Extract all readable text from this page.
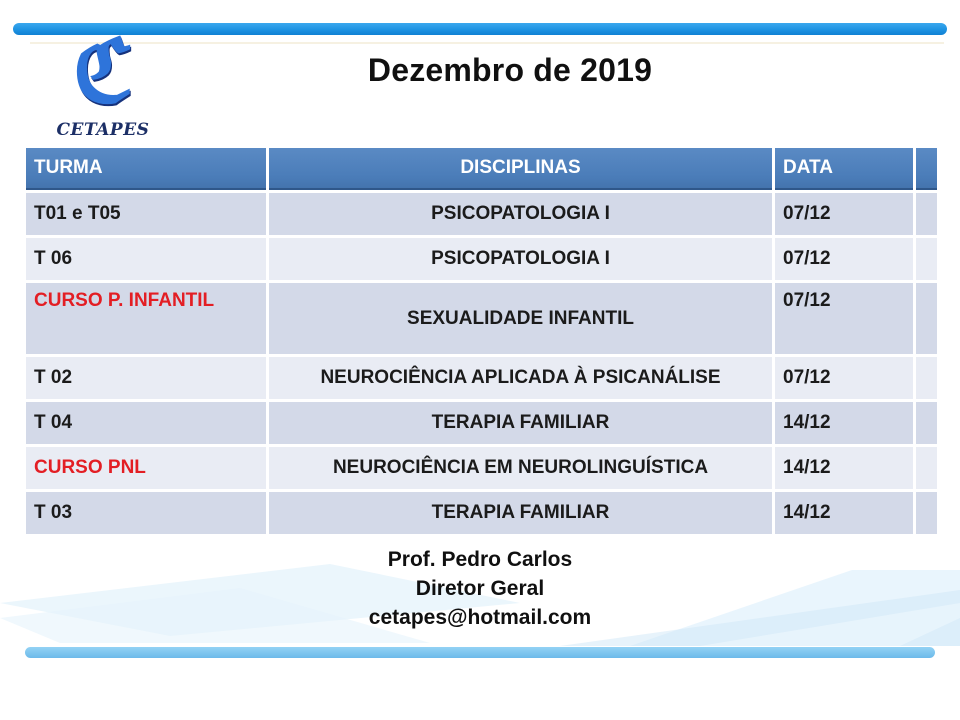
ℭ
CETAPES
Dezembro de 2019
TURMA	DISCIPLINAS	DATA	
T01 e T05	PSICOPATOLOGIA I	07/12	
T 06	PSICOPATOLOGIA I	07/12	
CURSO P. INFANTIL	SEXUALIDADE INFANTIL	07/12	
T 02	NEUROCIÊNCIA APLICADA À PSICANÁLISE	07/12	
T 04	TERAPIA FAMILIAR	14/12	
CURSO PNL	NEUROCIÊNCIA EM NEUROLINGUÍSTICA	14/12	
T 03	TERAPIA FAMILIAR	14/12	
Prof. Pedro Carlos
Diretor Geral
cetapes@hotmail.com
